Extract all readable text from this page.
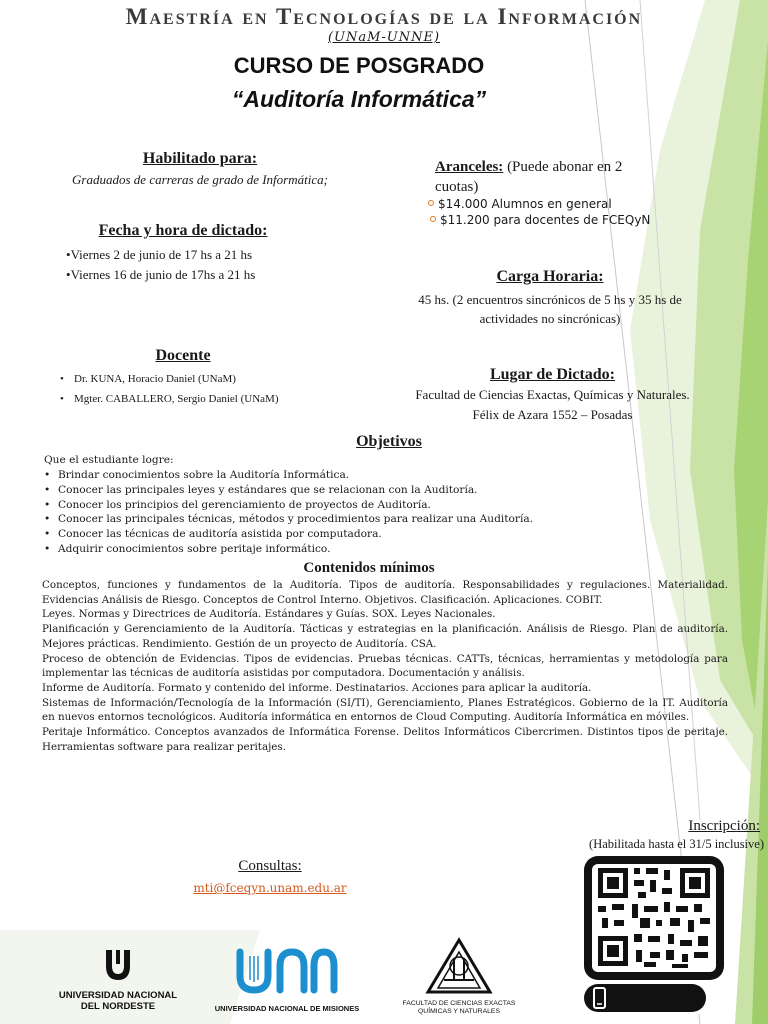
Maestría en Tecnologías de la Información
(UNaM-UNNE)
CURSO DE POSGRADO
“Auditoría Informática”
Habilitado para:
Graduados de carreras de grado de Informática;
Fecha y hora de dictado:
•Viernes 2 de junio de 17 hs a 21 hs
•Viernes 16 de junio de 17hs a 21 hs
Docente
• Dr. KUNA, Horacio Daniel (UNaM)
• Mgter. CABALLERO, Sergio Daniel (UNaM)
Aranceles: (Puede abonar en 2
cuotas)
$14.000 Alumnos en general
$11.200 para docentes de FCEQyN
Carga Horaria:
45 hs. (2 encuentros sincrónicos de 5 hs y 35 hs de
actividades no sincrónicas)
Lugar de Dictado:
Facultad de Ciencias Exactas, Químicas y Naturales.
Félix de Azara 1552 – Posadas
Objetivos
Que el estudiante logre:
• Brindar conocimientos sobre la Auditoría Informática.
• Conocer las principales leyes y estándares que se relacionan con la Auditoría.
• Conocer los principios del gerenciamiento de proyectos de Auditoría.
• Conocer las principales técnicas, métodos y procedimientos para realizar una Auditoría.
• Conocer las técnicas de auditoría asistida por computadora.
• Adquirir conocimientos sobre peritaje informático.
Contenidos mínimos
Conceptos, funciones y fundamentos de la Auditoría. Tipos de auditoría. Responsabilidades y regulaciones. Materialidad. Evidencias Análisis de Riesgo. Conceptos de Control Interno. Objetivos. Clasificación. Aplicaciones. COBIT.
Leyes. Normas y Directrices de Auditoría. Estándares y Guías. SOX. Leyes Nacionales.
Planificación y Gerenciamiento de la Auditoría. Tácticas y estrategias en la planificación. Análisis de Riesgo. Plan de auditoría. Mejores prácticas. Rendimiento. Gestión de un proyecto de Auditoría. CSA.
Proceso de obtención de Evidencias. Tipos de evidencias. Pruebas técnicas. CATTs, técnicas, herramientas y metodología para implementar las técnicas de auditoría asistidas por computadora. Documentación y análisis.
Informe de Auditoría. Formato y contenido del informe. Destinatarios. Acciones para aplicar la auditoría.
Sistemas de Información/Tecnología de la Información (SI/TI), Gerenciamiento, Planes Estratégicos. Gobierno de la IT. Auditoría en nuevos entornos tecnológicos. Auditoría informática en entornos de Cloud Computing. Auditoría Informática en móviles.
Peritaje Informático. Conceptos avanzados de Informática Forense. Delitos Informáticos Cibercrimen. Distintos tipos de peritaje. Herramientas software para realizar peritajes.
Inscripción:
(Habilitada hasta el 31/5 inclusive)
Consultas:
mti@fceqyn.unam.edu.ar
UNIVERSIDAD NACIONAL
DEL NORDESTE	UNIVERSIDAD NACIONAL DE MISIONES
FACULTAD DE CIENCIAS EXACTAS
QUÍMICAS Y NATURALES
